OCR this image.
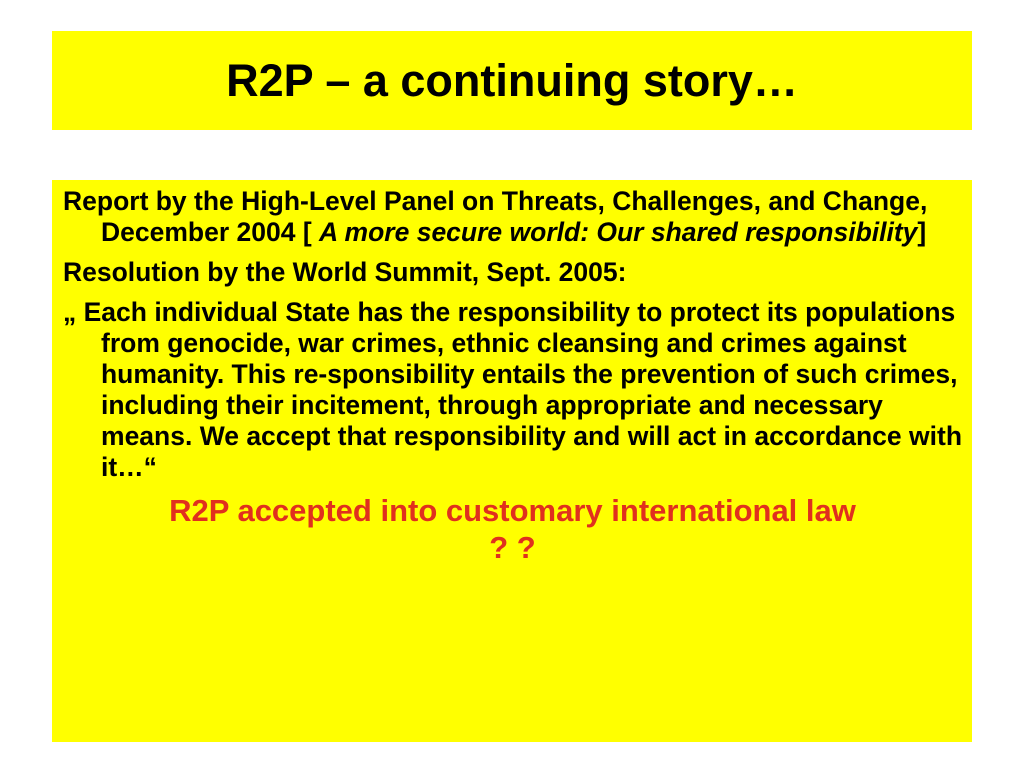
R2P – a continuing story…

Report by the High-Level Panel on Threats, Challenges, and Change, December 2004 [ A more secure world: Our shared responsibility]

Resolution by the World Summit, Sept. 2005:

„ Each individual State has the responsibility to protect its populations from genocide, war crimes, ethnic cleansing and crimes against humanity. This re-sponsibility entails the prevention of such crimes, including their incitement, through appropriate and necessary means. We accept that responsibility and will act in accordance with it…“

R2P accepted into customary international law
? ?
